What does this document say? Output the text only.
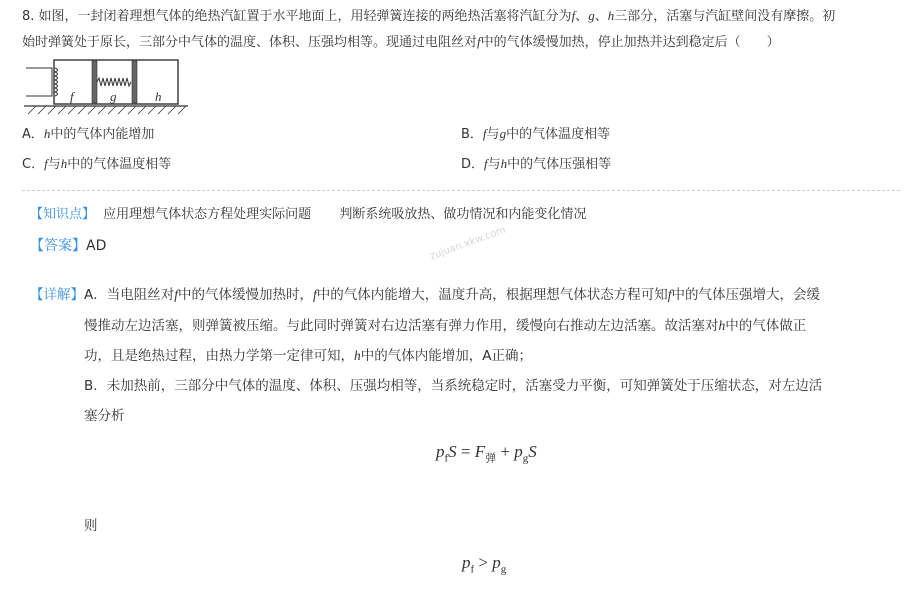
8. 如图，一封闭着理想气体的绝热汽缸置于水平地面上，用轻弹簧连接的两绝热活塞将汽缸分为f、g、h三部分，活塞与汽缸壁间没有摩擦。初
始时弹簧处于原长，三部分中气体的温度、体积、压强均相等。现通过电阻丝对f中的气体缓慢加热，停止加热并达到稳定后（　　）
f	g	h
A．h中的气体内能增加	B．f与g中的气体温度相等
C．f与h中的气体温度相等	D．f与h中的气体压强相等
【知识点】 应用理想气体状态方程处理实际问题 判断系统吸放热、做功情况和内能变化情况
zujuan.xkw.com
【答案】AD
【详解】 A．当电阻丝对f中的气体缓慢加热时，f中的气体内能增大，温度升高，根据理想气体状态方程可知f中的气体压强增大，会缓
慢推动左边活塞，则弹簧被压缩。与此同时弹簧对右边活塞有弹力作用，缓慢向右推动左边活塞。故活塞对h中的气体做正
功，且是绝热过程，由热力学第一定律可知，h中的气体内能增加，A正确；
B．未加热前，三部分中气体的温度、体积、压强均相等，当系统稳定时，活塞受力平衡，可知弹簧处于压缩状态，对左边活
塞分析
$p_fS = F_弹 + p_gS$
则
$p_f > p_g$
